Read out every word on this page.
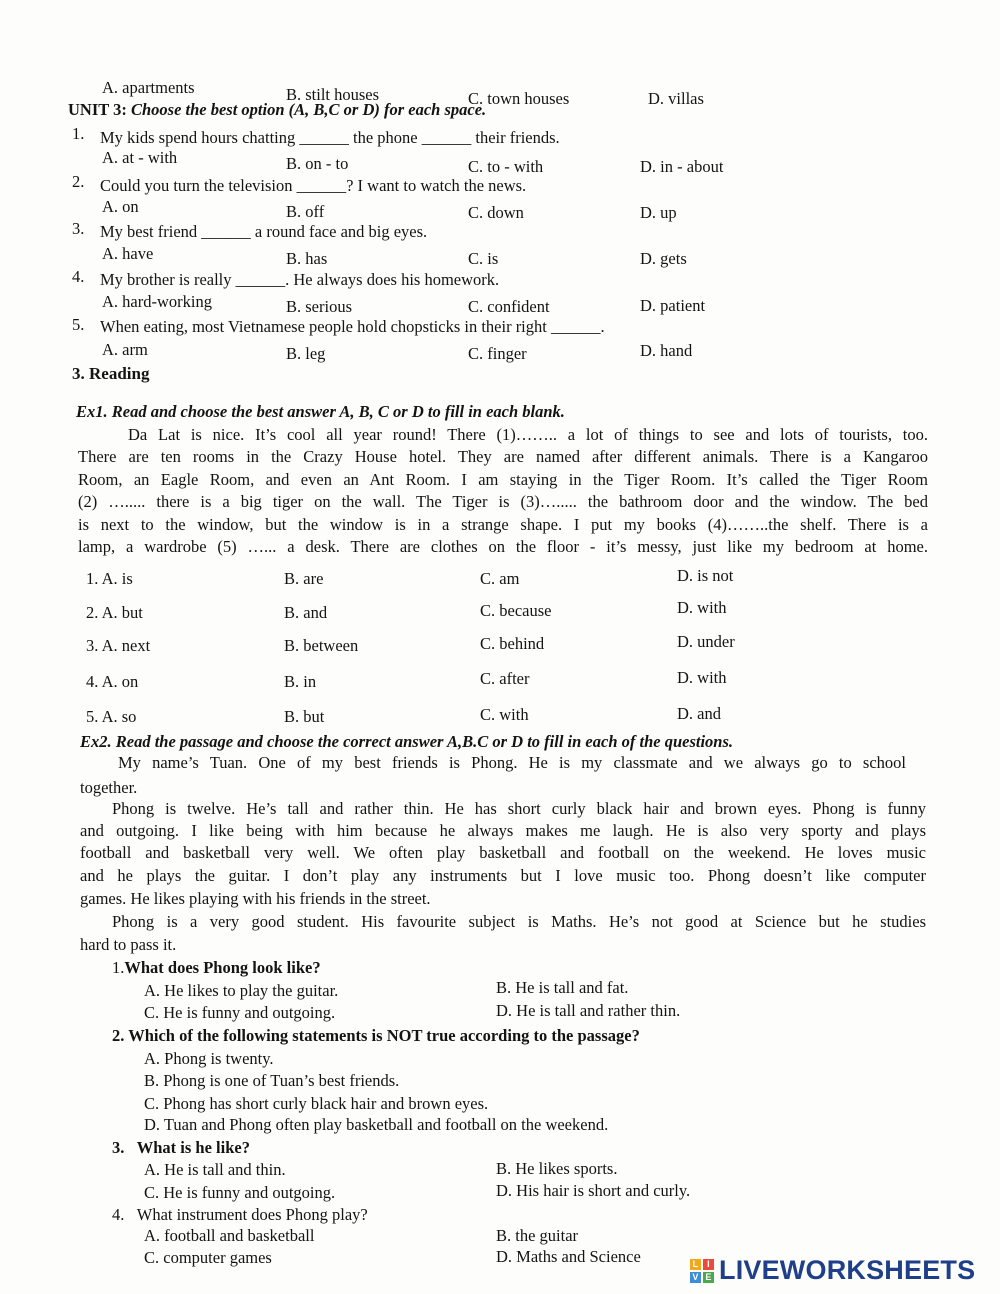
A. apartments	B. stilt houses	C. town houses	D. villas
UNIT 3: Choose the best option (A, B,C or D) for each space.
1. My kids spend hours chatting ______ the phone ______ their friends.
A. at - with	B. on - to	C. to - with	D. in - about
2. Could you turn the television ______? I want to watch the news.
A. on	B. off	C. down	D. up
3. My best friend ______ a round face and big eyes.
A. have	B. has	C. is	D. gets
4. My brother is really ______. He always does his homework.
A. hard-working	B. serious	C. confident	D. patient
5. When eating, most Vietnamese people hold chopsticks in their right ______.
A. arm	B. leg	C. finger	D. hand
3. Reading
Ex1. Read and choose the best answer A, B, C or D to fill in each blank.
Da Lat is nice. It’s cool all year round! There (1)…….. a lot of things to see and lots of tourists, too.
There are ten rooms in the Crazy House hotel. They are named after different animals. There is a Kangaroo
Room, an Eagle Room, and even an Ant Room. I am staying in the Tiger Room. It’s called the Tiger Room
(2) …..... there is a big tiger on the wall. The Tiger is (3)…..... the bathroom door and the window. The bed
is next to the window, but the window is in a strange shape. I put my books (4)……..the shelf. There is a
lamp, a wardrobe (5) …... a desk. There are clothes on the floor - it’s messy, just like my bedroom at home.
1. A. is	B. are	C. am	D. is not
2. A. but	B. and	C. because	D. with
3. A. next	B. between	C. behind	D. under
4. A. on	B. in	C. after	D. with
5. A. so	B. but	C. with	D. and
Ex2. Read the passage and choose the correct answer A,B.C or D to fill in each of the questions.
My name’s Tuan. One of my best friends is Phong. He is my classmate and we always go to school
together.
Phong is twelve. He’s tall and rather thin. He has short curly black hair and brown eyes. Phong is funny
and outgoing. I like being with him because he always makes me laugh. He is also very sporty and plays
football and basketball very well. We often play basketball and football on the weekend. He loves music
and he plays the guitar. I don’t play any instruments but I love music too. Phong doesn’t like computer
games. He likes playing with his friends in the street.
Phong is a very good student. His favourite subject is Maths. He’s not good at Science but he studies
hard to pass it.
1.What does Phong look like?
A. He likes to play the guitar.	B. He is tall and fat.
C. He is funny and outgoing.	D. He is tall and rather thin.
2. Which of the following statements is NOT true according to the passage?
A. Phong is twenty.
B. Phong is one of Tuan’s best friends.
C. Phong has short curly black hair and brown eyes.
D. Tuan and Phong often play basketball and football on the weekend.
3. What is he like?
A. He is tall and thin.	B. He likes sports.
C. He is funny and outgoing.	D. His hair is short and curly.
4. What instrument does Phong play?
A. football and basketball	B. the guitar
C. computer games	D. Maths and Science	L I
V E LIVEWORKSHEETS
